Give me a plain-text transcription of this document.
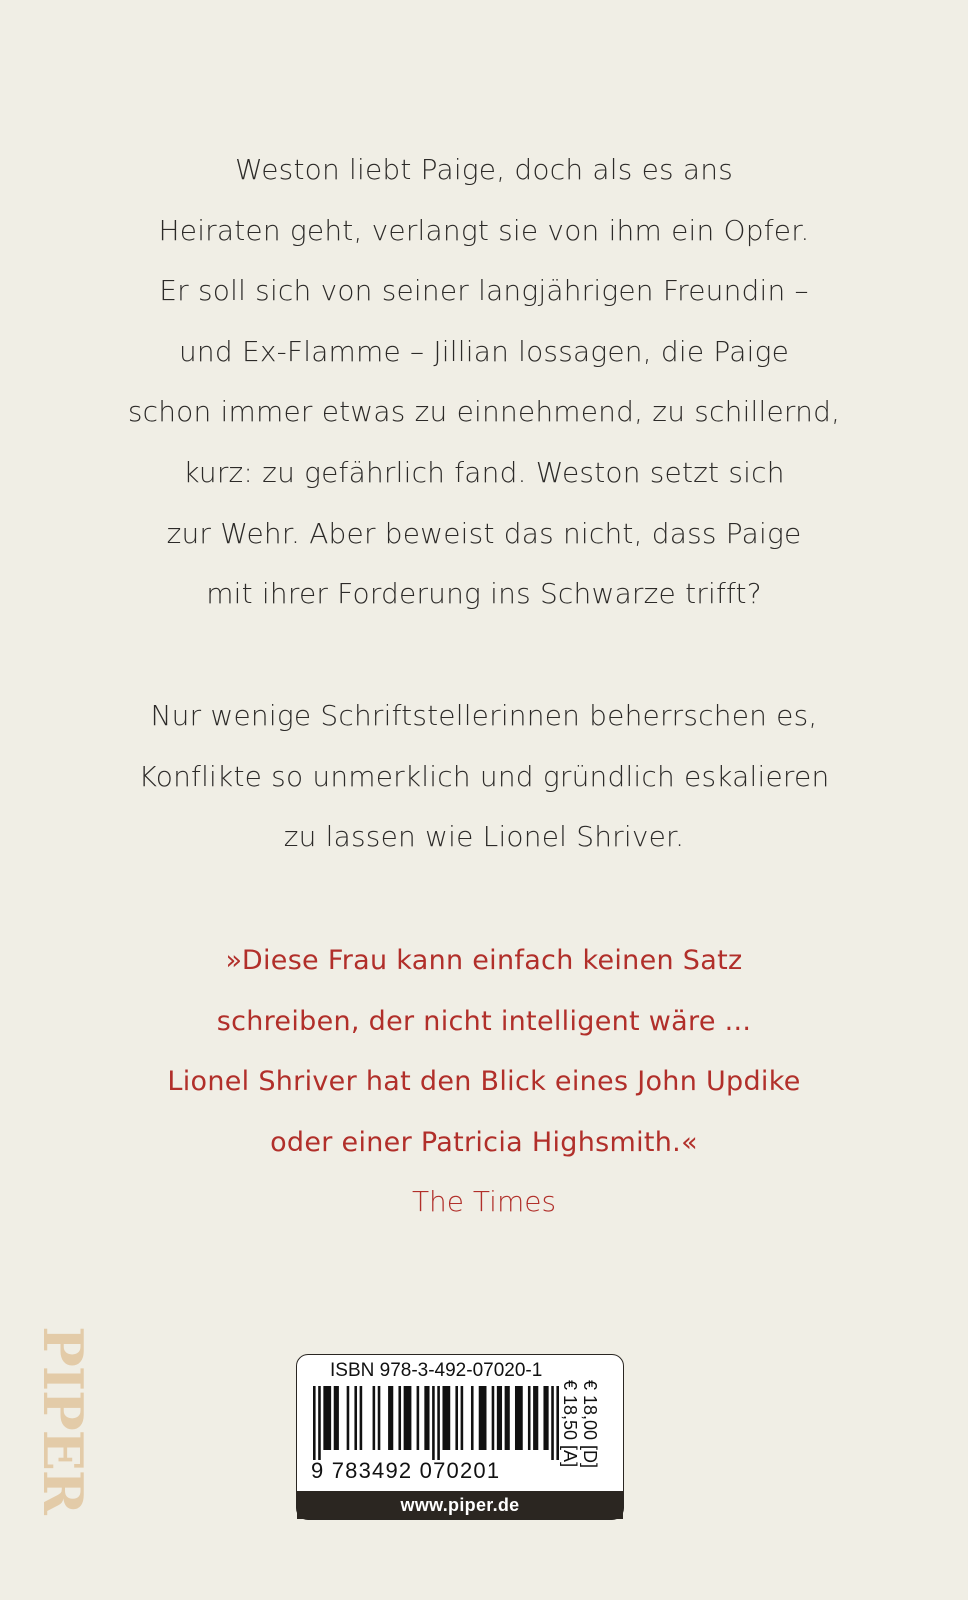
Weston liebt Paige, doch als es ans
Heiraten geht, verlangt sie von ihm ein Opfer.
Er soll sich von seiner langjährigen Freundin –
und Ex-Flamme – Jillian lossagen, die Paige
schon immer etwas zu einnehmend, zu schillernd,
kurz: zu gefährlich fand. Weston setzt sich
zur Wehr. Aber beweist das nicht, dass Paige
mit ihrer Forderung ins Schwarze trifft?
Nur wenige Schriftstellerinnen beherrschen es,
Konflikte so unmerklich und gründlich eskalieren
zu lassen wie Lionel Shriver.
»Diese Frau kann einfach keinen Satz
schreiben, der nicht intelligent wäre ...
Lionel Shriver hat den Blick eines John Updike
oder einer Patricia Highsmith.«
The Times
PIPER	ISBN 978-3-492-07020-1
9 783492 070201
€ 18,00 [D]
€ 18,50 [A]
www.piper.de
